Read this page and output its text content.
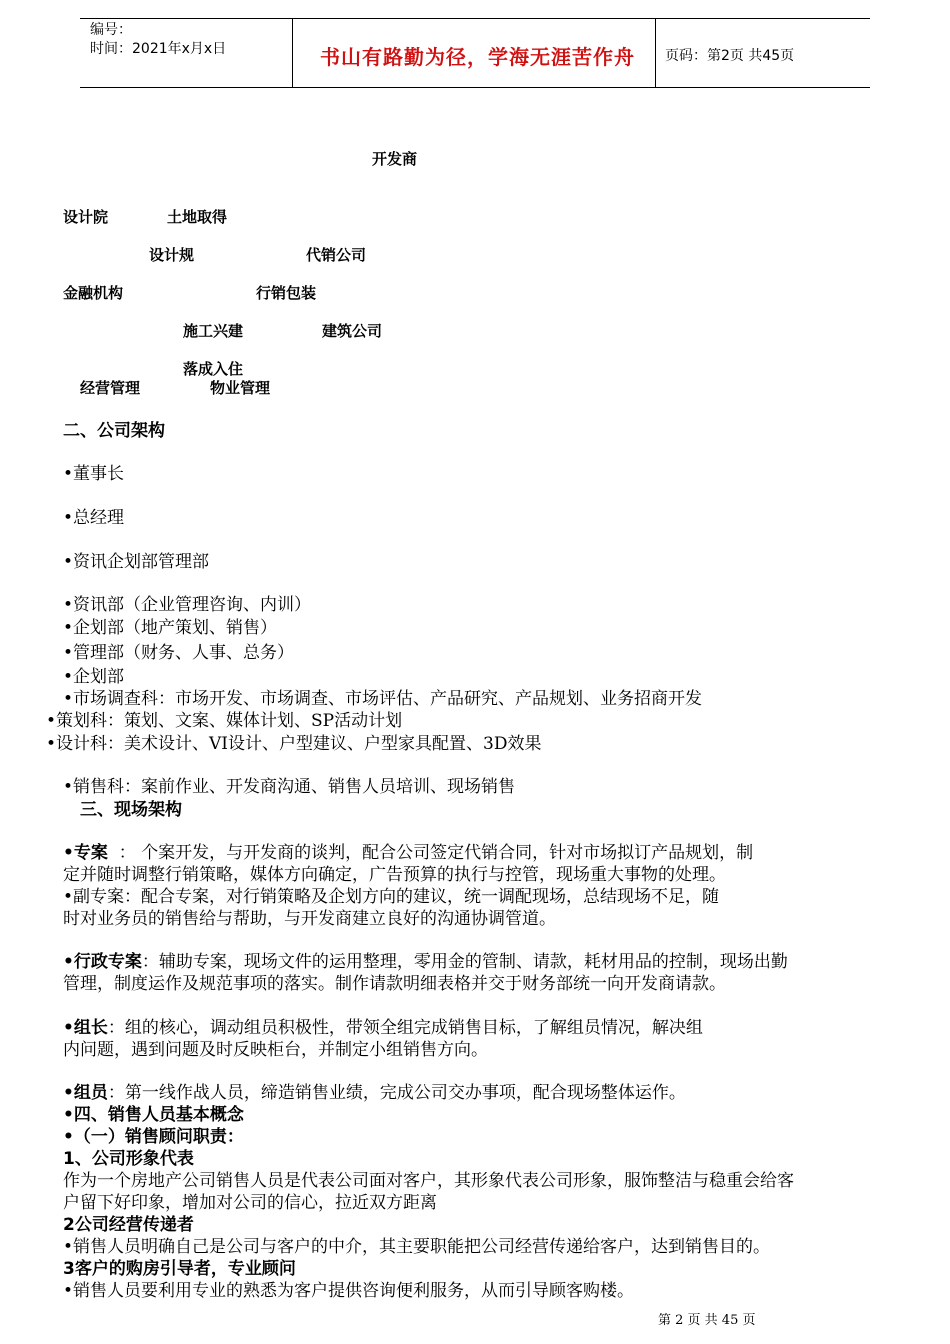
编号：
时间：2021年x月x日	书山有路勤为径，学海无涯苦作舟	页码：第2页 共45页
开发商
设计院	土地取得
设计规	代销公司
金融机构	行销包装
施工兴建	建筑公司
落成入住
经营管理	物业管理
二、公司架构
•董事长
•总经理
•资讯企划部管理部
•资讯部（企业管理咨询、内训）
•企划部（地产策划、销售）
•管理部（财务、人事、总务）
•企划部
•市场调查科：市场开发、市场调查、市场评估、产品研究、产品规划、业务招商开发
•策划科：策划、文案、媒体计划、SP活动计划
•设计科：美术设计、VI设计、户型建议、户型家具配置、3D效果
•销售科：案前作业、开发商沟通、销售人员培训、现场销售
三、现场架构
•专案 ： 个案开发，与开发商的谈判，配合公司签定代销合同，针对市场拟订产品规划，制
定并随时调整行销策略，媒体方向确定，广告预算的执行与控管，现场重大事物的处理。
•副专案：配合专案，对行销策略及企划方向的建议，统一调配现场，总结现场不足，随
时对业务员的销售给与帮助，与开发商建立良好的沟通协调管道。
•行政专案：辅助专案，现场文件的运用整理，零用金的管制、请款，耗材用品的控制，现场出勤
管理，制度运作及规范事项的落实。制作请款明细表格并交于财务部统一向开发商请款。
•组长：组的核心，调动组员积极性，带领全组完成销售目标，了解组员情况，解决组
内问题，遇到问题及时反映柜台，并制定小组销售方向。
•组员：第一线作战人员，缔造销售业绩，完成公司交办事项，配合现场整体运作。
•四、销售人员基本概念
•（一）销售顾问职责：
1、公司形象代表
作为一个房地产公司销售人员是代表公司面对客户，其形象代表公司形象，服饰整洁与稳重会给客
户留下好印象，增加对公司的信心，拉近双方距离
2公司经营传递者
•销售人员明确自己是公司与客户的中介，其主要职能把公司经营传递给客户，达到销售目的。
3客户的购房引导者，专业顾问
•销售人员要利用专业的熟悉为客户提供咨询便利服务，从而引导顾客购楼。
第 2 页 共 45 页
